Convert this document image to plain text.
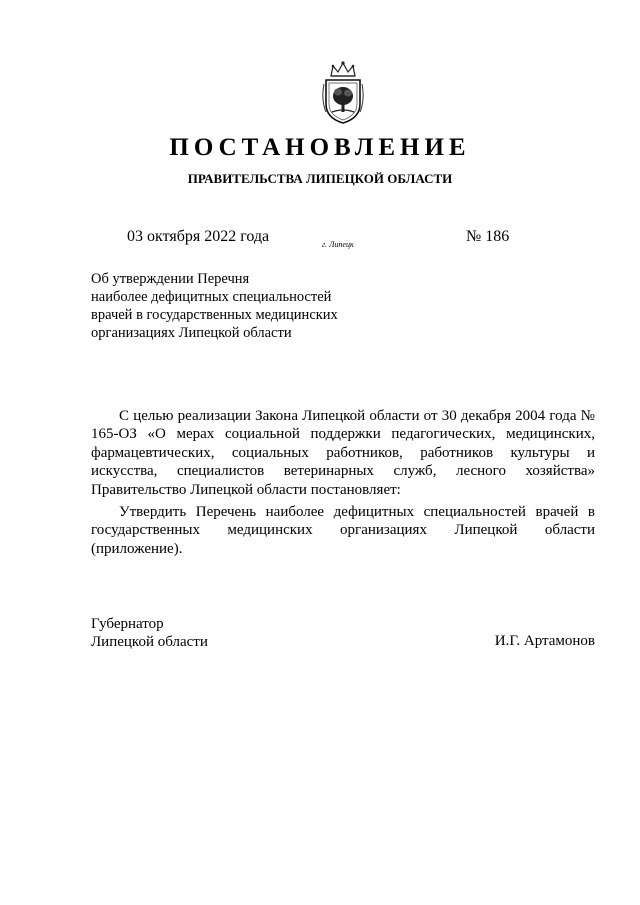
ПОСТАНОВЛЕНИЕ
ПРАВИТЕЛЬСТВА ЛИПЕЦКОЙ ОБЛАСТИ
03 октября 2022 года	г. Липецк	№ 186
Об утверждении Перечня
наиболее дефицитных специальностей
врачей в государственных медицинских
организациях Липецкой области

С целью реализации Закона Липецкой области от 30 декабря 2004 года № 165-ОЗ «О мерах социальной поддержки педагогических, медицинских, фармацевтических, социальных работников, работников культуры и искусства, специалистов ветеринарных служб, лесного хозяйства» Правительство Липецкой области постановляет:

Утвердить Перечень наиболее дефицитных специальностей врачей в государственных медицинских организациях Липецкой области (приложение).

Губернатор
Липецкой области	И.Г. Артамонов
